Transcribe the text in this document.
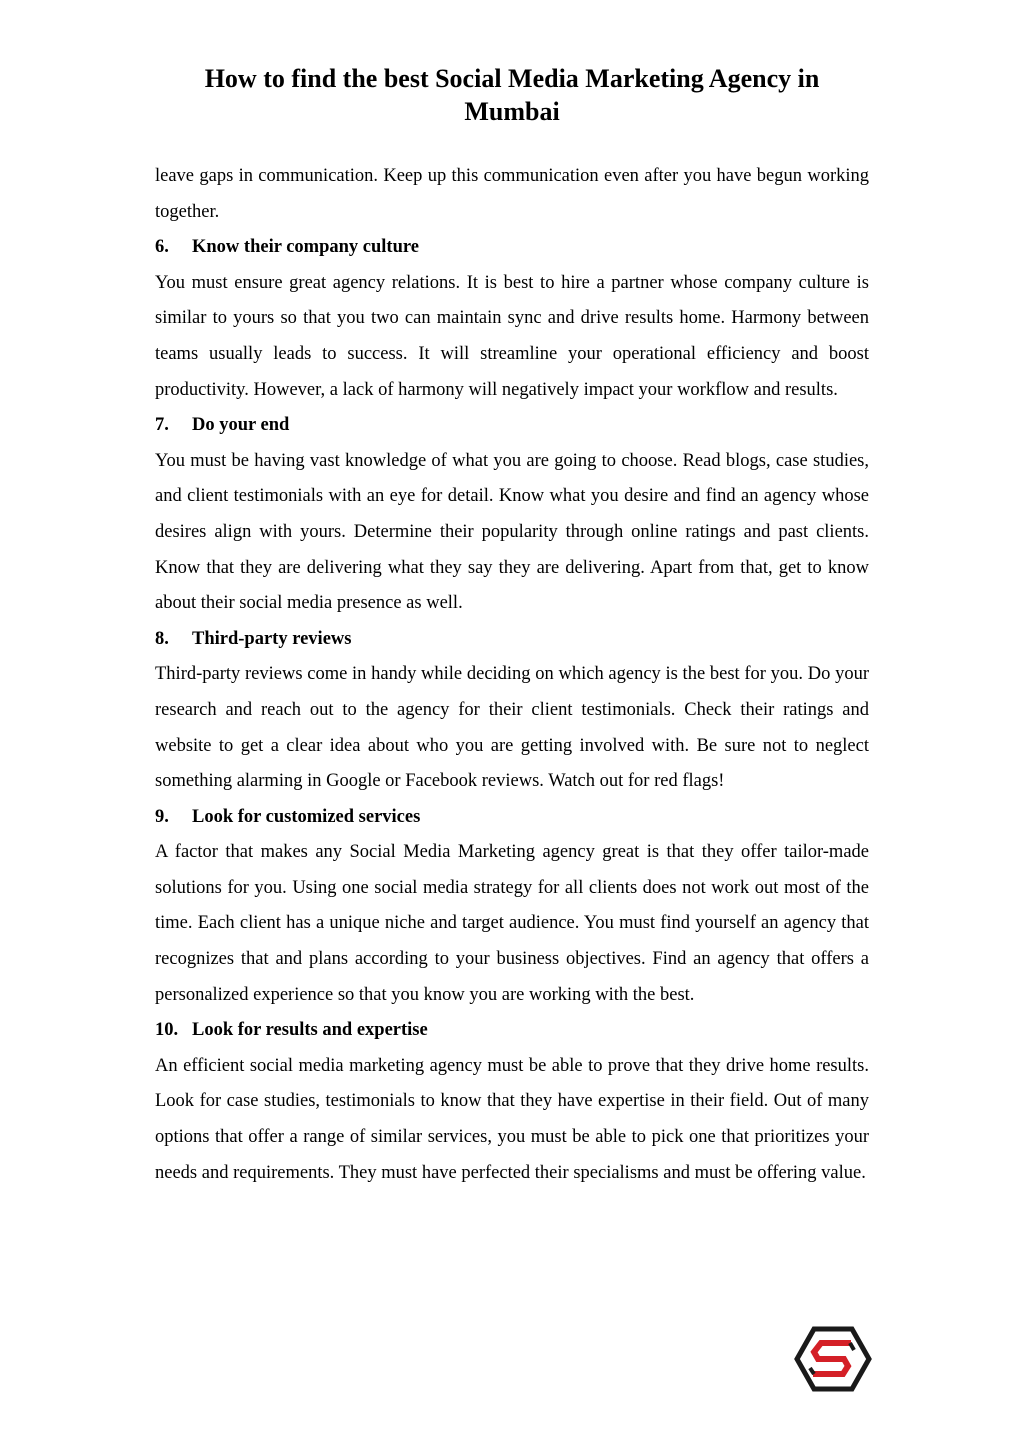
How to find the best Social Media Marketing Agency in Mumbai

leave gaps in communication. Keep up this communication even after you have begun working together.

6.	Know their company culture

You must ensure great agency relations. It is best to hire a partner whose company culture is similar to yours so that you two can maintain sync and drive results home. Harmony between teams usually leads to success. It will streamline your operational efficiency and boost productivity. However, a lack of harmony will negatively impact your workflow and results.

7.	Do your end

You must be having vast knowledge of what you are going to choose. Read blogs, case studies, and client testimonials with an eye for detail. Know what you desire and find an agency whose desires align with yours. Determine their popularity through online ratings and past clients. Know that they are delivering what they say they are delivering. Apart from that, get to know about their social media presence as well.

8.	Third-party reviews

Third-party reviews come in handy while deciding on which agency is the best for you. Do your research and reach out to the agency for their client testimonials. Check their ratings and website to get a clear idea about who you are getting involved with. Be sure not to neglect something alarming in Google or Facebook reviews. Watch out for red flags!

9.	Look for customized services

A factor that makes any Social Media Marketing agency great is that they offer tailor-made solutions for you. Using one social media strategy for all clients does not work out most of the time. Each client has a unique niche and target audience. You must find yourself an agency that recognizes that and plans according to your business objectives. Find an agency that offers a personalized experience so that you know you are working with the best.

10. Look for results and expertise

An efficient social media marketing agency must be able to prove that they drive home results. Look for case studies, testimonials to know that they have expertise in their field. Out of many options that offer a range of similar services, you must be able to pick one that prioritizes your needs and requirements. They must have perfected their specialisms and must be offering value.
